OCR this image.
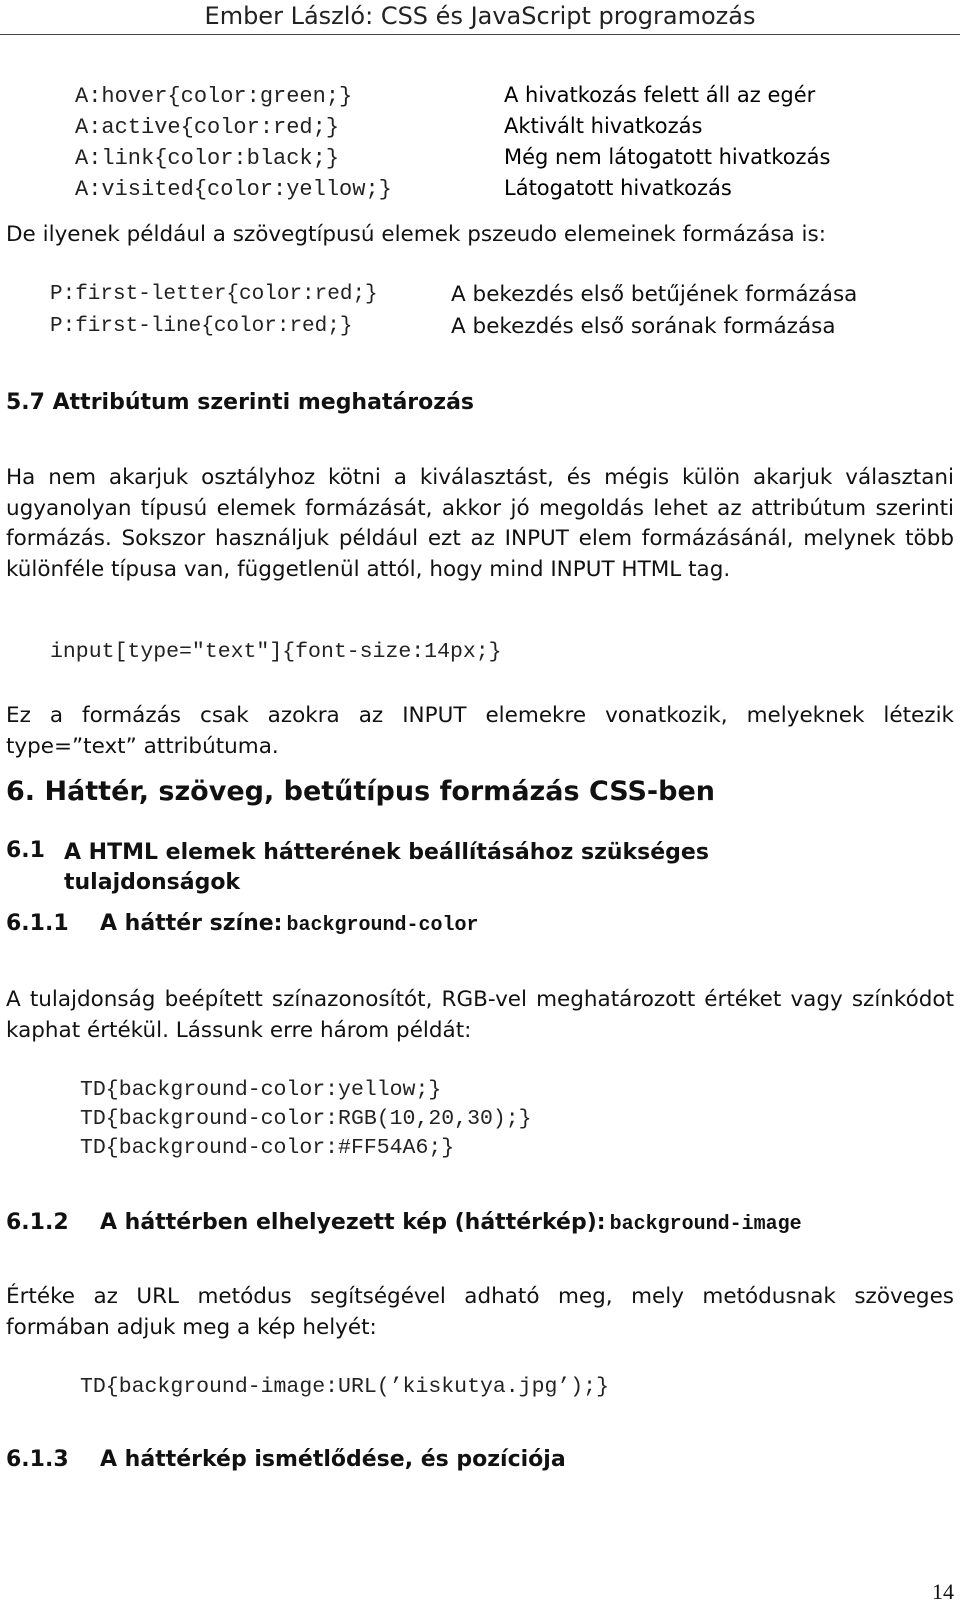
Ember László: CSS és JavaScript programozás
A:hover{color:green;}	A hivatkozás felett áll az egér
A:active{color:red;}	Aktivált hivatkozás
A:link{color:black;}	Még nem látogatott hivatkozás
A:visited{color:yellow;}	Látogatott hivatkozás
De ilyenek például a szövegtípusú elemek pszeudo elemeinek formázása is:
P:first-letter{color:red;}	A bekezdés első betűjének formázása
P:first-line{color:red;}	A bekezdés első sorának formázása
5.7 Attribútum szerinti meghatározás
Ha nem akarjuk osztályhoz kötni a kiválasztást, és mégis külön akarjuk választani ugyanolyan típusú elemek formázását, akkor jó megoldás lehet az attribútum szerinti formázás. Sokszor használjuk például ezt az INPUT elem formázásánál, melynek több különféle típusa van, függetlenül attól, hogy mind INPUT HTML tag.
input[type="text"]{font-size:14px;}
Ez a formázás csak azokra az INPUT elemekre vonatkozik, melyeknek létezik type=”text” attribútuma.
6. Háttér, szöveg, betűtípus formázás CSS-ben
6.1 A HTML elemek hátterének beállításához szükséges tulajdonságok
6.1.1 A háttér színe: background-color
A tulajdonság beépített színazonosítót, RGB-vel meghatározott értéket vagy színkódot kaphat értékül. Lássunk erre három példát:
TD{background-color:yellow;}
TD{background-color:RGB(10,20,30);}
TD{background-color:#FF54A6;}
6.1.2 A háttérben elhelyezett kép (háttérkép): background-image
Értéke az URL metódus segítségével adható meg, mely metódusnak szöveges formában adjuk meg a kép helyét:
TD{background-image:URL(’kiskutya.jpg’);}
6.1.3 A háttérkép ismétlődése, és pozíciója
14
